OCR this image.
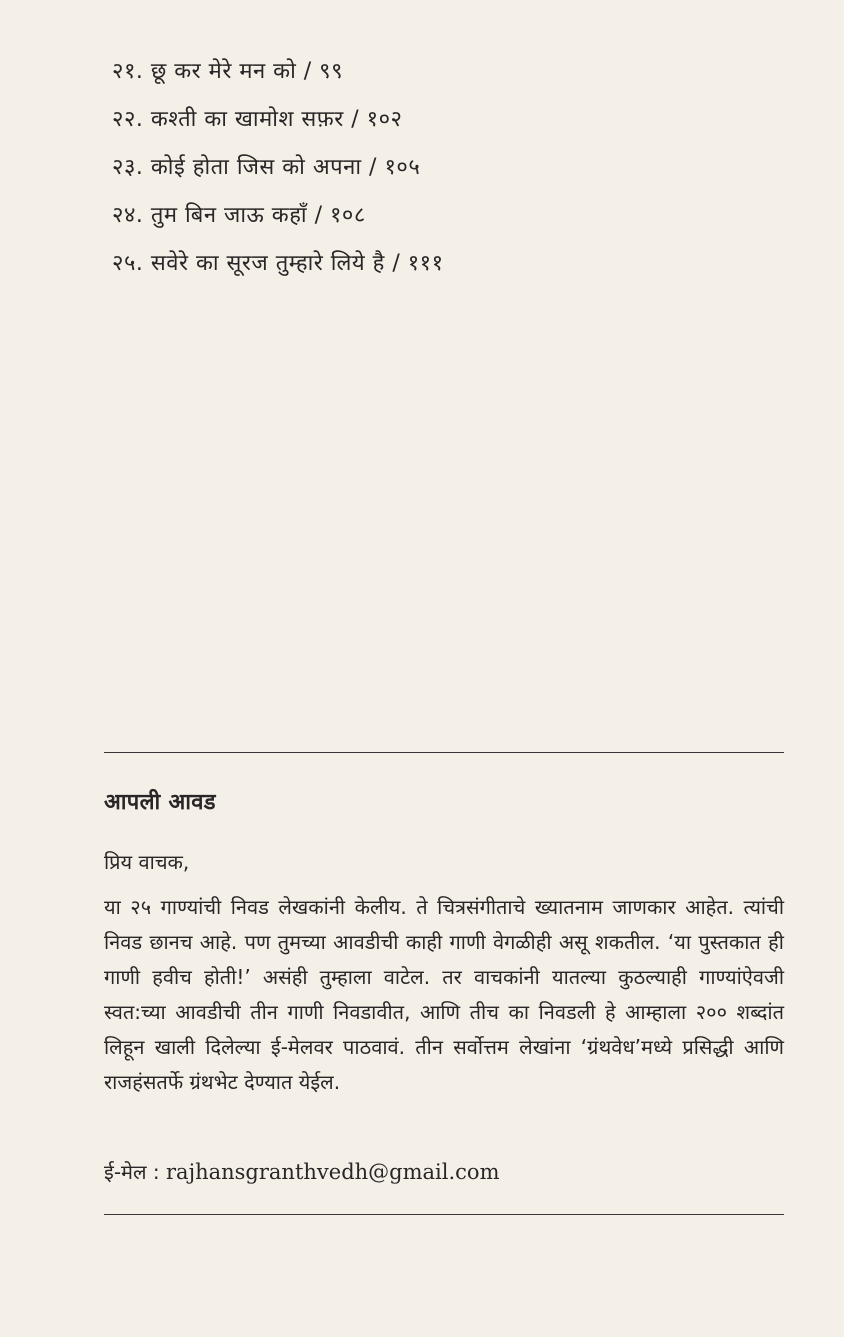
२१. छू कर मेरे मन को / ९९
२२. कश्ती का खामोश सफ़र / १०२
२३. कोई होता जिस को अपना / १०५
२४. तुम बिन जाऊ कहाँ / १०८
२५. सवेरे का सूरज तुम्हारे लिये है / १११
आपली आवड
प्रिय वाचक,
या २५ गाण्यांची निवड लेखकांनी केलीय. ते चित्रसंगीताचे ख्यातनाम जाणकार आहेत. त्यांची निवड छानच आहे. पण तुमच्या आवडीची काही गाणी वेगळीही असू शकतील. ‘या पुस्तकात ही गाणी हवीच होती!’ असंही तुम्हाला वाटेल. तर वाचकांनी यातल्या कुठल्याही गाण्यांऐवजी स्वत:च्या आवडीची तीन गाणी निवडावीत, आणि तीच का निवडली हे आम्हाला २०० शब्दांत लिहून खाली दिलेल्या ई-मेलवर पाठवावं. तीन सर्वोत्तम लेखांना ‘ग्रंथवेध’मध्ये प्रसिद्धी आणि राजहंसतर्फे ग्रंथभेट देण्यात येईल.
ई-मेल : rajhansgranthvedh@gmail.com
